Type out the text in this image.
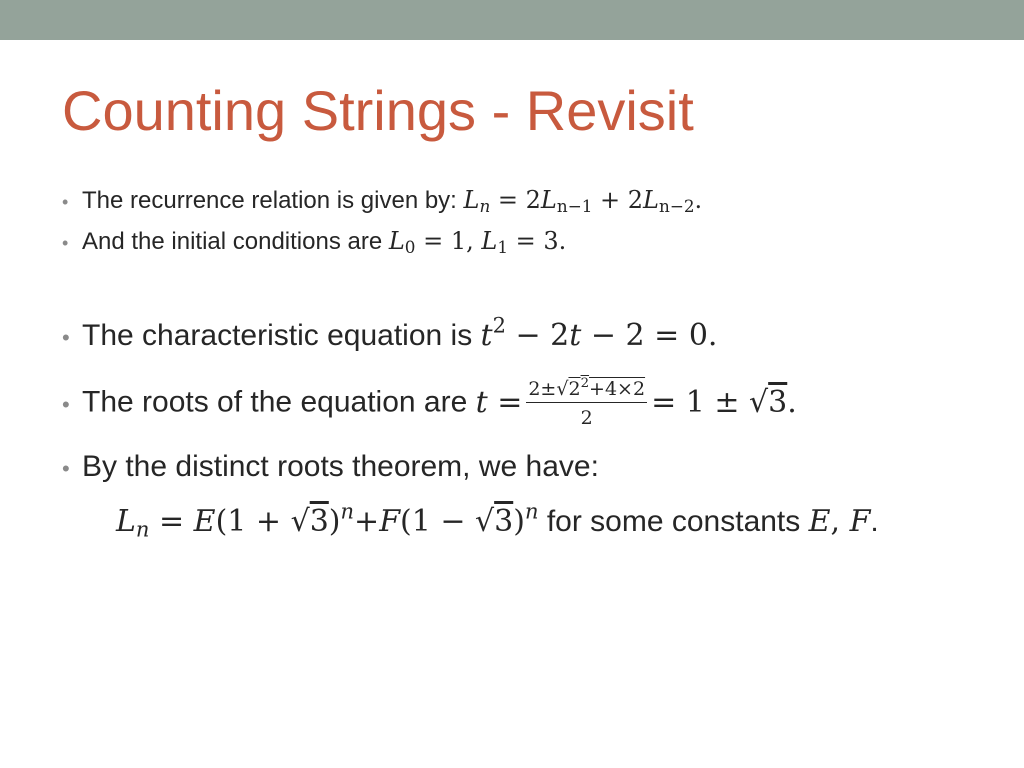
Counting Strings - Revisit
• The recurrence relation is given by: $L_n = 2L_{n-1} + 2L_{n-2}$.
• And the initial conditions are $L_0 = 1$, $L_1 = 3$.
• The characteristic equation is $t^2 - 2t - 2 = 0$.
• The roots of the equation are $t = \frac{2\pm√2^2+4\times 2}{2} = 1 \pm √3$.
• By the distinct roots theorem, we have:
$L_n = E(1 + √3)^n+F(1 - √3)^n$ for some constants E, F.
